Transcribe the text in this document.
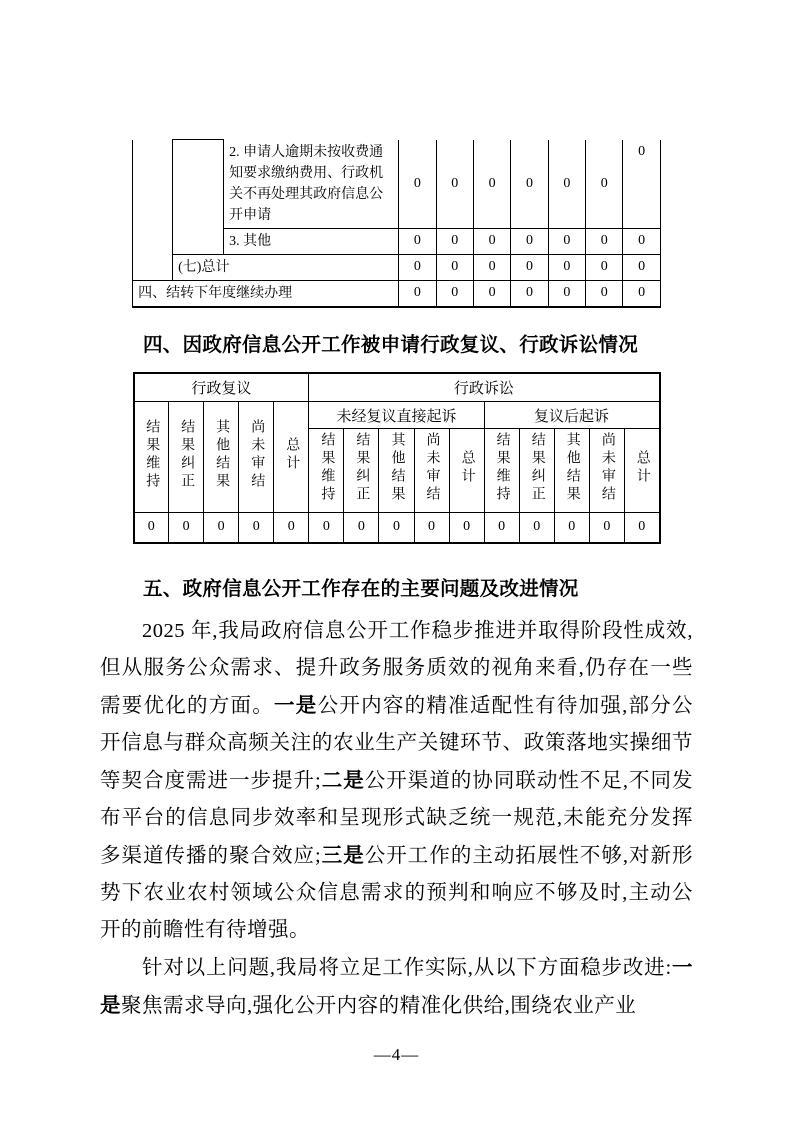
		2. 申请人逾期未按收费通知要求缴纳费用、行政机关不再处理其政府信息公开申请	0	0	0	0	0	0	0
		3. 其他	0	0	0	0	0	0	0
	(七)总计		0	0	0	0	0	0	0
四、结转下年度继续办理			0	0	0	0	0	0	0
四、因政府信息公开工作被申请行政复议、行政诉讼情况
行政复议					行政诉讼									
结果维持	结果纠正	其他结果	尚未审结	总计	未经复议直接起诉					复议后起诉				
					结果维持	结果纠正	其他结果	尚未审结	总计	结果维持	结果纠正	其他结果	尚未审结	总计
0	0	0	0	0	0	0	0	0	0	0	0	0	0	0
五、政府信息公开工作存在的主要问题及改进情况

2025 年,我局政府信息公开工作稳步推进并取得阶段性成效,但从服务公众需求、提升政务服务质效的视角来看,仍存在一些需要优化的方面。一是公开内容的精准适配性有待加强,部分公开信息与群众高频关注的农业生产关键环节、政策落地实操细节等契合度需进一步提升;二是公开渠道的协同联动性不足,不同发布平台的信息同步效率和呈现形式缺乏统一规范,未能充分发挥多渠道传播的聚合效应;三是公开工作的主动拓展性不够,对新形势下农业农村领域公众信息需求的预判和响应不够及时,主动公开的前瞻性有待增强。

针对以上问题,我局将立足工作实际,从以下方面稳步改进:一是聚焦需求导向,强化公开内容的精准化供给,围绕农业产业

—4—
